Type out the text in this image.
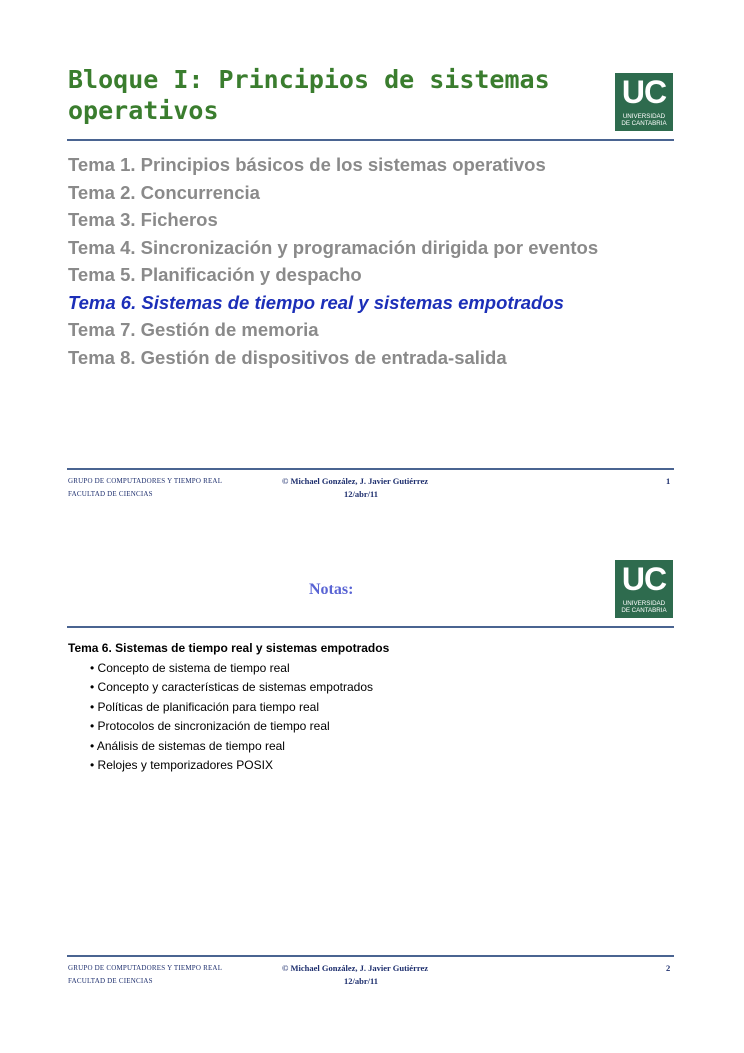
Bloque I: Principios de sistemas operativos
UC
UNIVERSIDAD
DE CANTABRIA
Tema 1. Principios básicos de los sistemas operativos
Tema 2. Concurrencia
Tema 3. Ficheros
Tema 4. Sincronización y programación dirigida por eventos
Tema 5. Planificación y despacho
Tema 6. Sistemas de tiempo real y sistemas empotrados
Tema 7. Gestión de memoria
Tema 8. Gestión de dispositivos de entrada-salida
GRUPO DE COMPUTADORES Y TIEMPO REAL
FACULTAD DE CIENCIAS
© Michael González, J. Javier Gutiérrez
12/abr/11
1
Notas:	UC
UNIVERSIDAD
DE CANTABRIA
Tema 6. Sistemas de tiempo real y sistemas empotrados
• Concepto de sistema de tiempo real
• Concepto y características de sistemas empotrados
• Políticas de planificación para tiempo real
• Protocolos de sincronización de tiempo real
• Análisis de sistemas de tiempo real
• Relojes y temporizadores POSIX
GRUPO DE COMPUTADORES Y TIEMPO REAL
FACULTAD DE CIENCIAS
© Michael González, J. Javier Gutiérrez
12/abr/11
2
